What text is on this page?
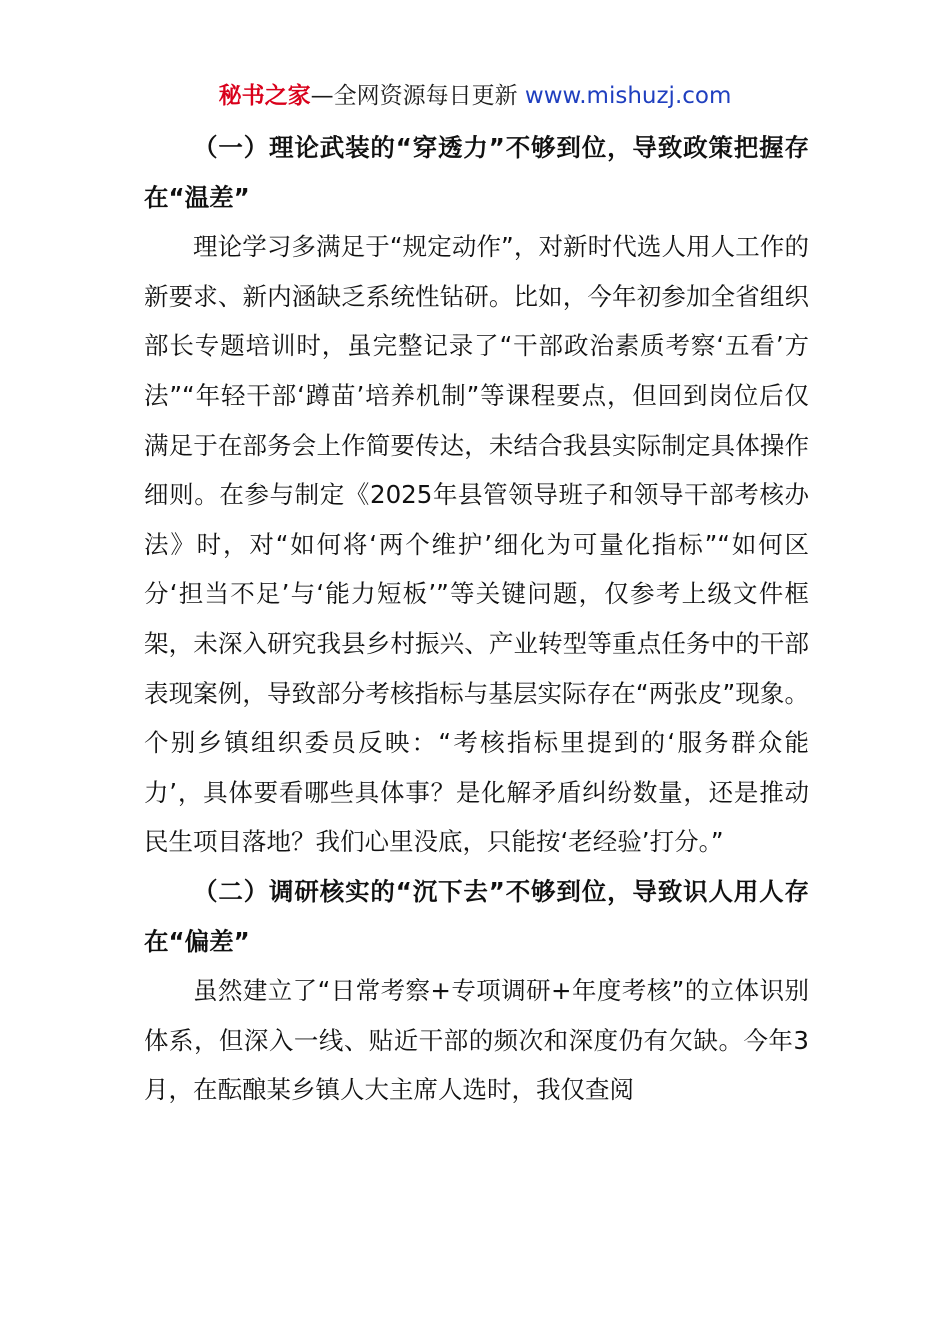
秘书之家—全网资源每日更新 www.mishuzj.com

（一）理论武装的“穿透力”不够到位，导致政策把握存在“温差”

理论学习多满足于“规定动作”，对新时代选人用人工作的新要求、新内涵缺乏系统性钻研。比如，今年初参加全省组织部长专题培训时，虽完整记录了“干部政治素质考察‘五看’方法”“年轻干部‘蹲苗’培养机制”等课程要点，但回到岗位后仅满足于在部务会上作简要传达，未结合我县实际制定具体操作细则。在参与制定《2025年县管领导班子和领导干部考核办法》时，对“如何将‘两个维护’细化为可量化指标”“如何区分‘担当不足’与‘能力短板’”等关键问题，仅参考上级文件框架，未深入研究我县乡村振兴、产业转型等重点任务中的干部表现案例，导致部分考核指标与基层实际存在“两张皮”现象。个别乡镇组织委员反映：“考核指标里提到的‘服务群众能力’，具体要看哪些具体事？是化解矛盾纠纷数量，还是推动民生项目落地？我们心里没底，只能按‘老经验’打分。”

（二）调研核实的“沉下去”不够到位，导致识人用人存在“偏差”

虽然建立了“日常考察+专项调研+年度考核”的立体识别体系，但深入一线、贴近干部的频次和深度仍有欠缺。今年3月，在酝酿某乡镇人大主席人选时，我仅查阅
